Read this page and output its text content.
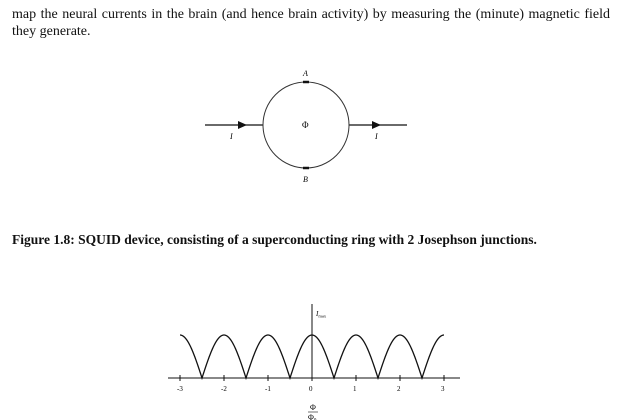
map the neural currents in the brain (and hence brain activity) by measuring the (minute) magnetic field they generate.
A
B
Φ
I	I
Figure 1.8: SQUID device, consisting of a superconducting ring with 2 Josephson junctions.
-3	-2	-1	0	1	2	3
$I_{max}$
Φ
Φ
